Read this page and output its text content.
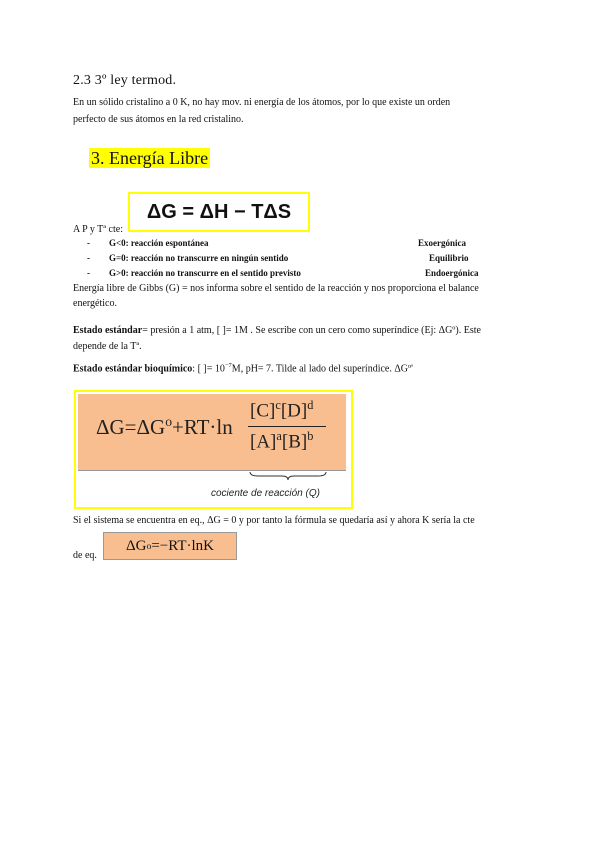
2.3 3º ley termod.
En un sólido cristalino a 0 K, no hay mov. ni energía de los átomos, por lo que existe un orden
perfecto de sus átomos en la red cristalino.
3. Energía Libre
ΔG = ΔH − TΔS
A P y Tª cte:
- G<0: reacción espontánea	Exoergónica
- G=0: reacción no transcurre en ningún sentido	Equilibrio
- G>0: reacción no transcurre en el sentido previsto	Endoergónica
Energía libre de Gibbs (G) = nos informa sobre el sentido de la reacción y nos proporciona el balance
energético.
Estado estándar= presión a 1 atm, [ ]= 1M . Se escribe con un cero como superíndice (Ej: ΔGº). Este
depende de la Tª.
Estado estándar bioquímico: [ ]= $10^{-7}M$, pH= 7. Tilde al lado del superíndice. ΔGº'
$\Delta G=\Delta G^o+RT\cdot\ln$
$[C]^c[D]^d$
$[A]^a[B]^b$
cociente de reacción (Q)
Si el sistema se encuentra en eq., ΔG = 0 y por tanto la fórmula se quedaría así y ahora K sería la cte
de eq.
ΔG o =−RT·lnK
